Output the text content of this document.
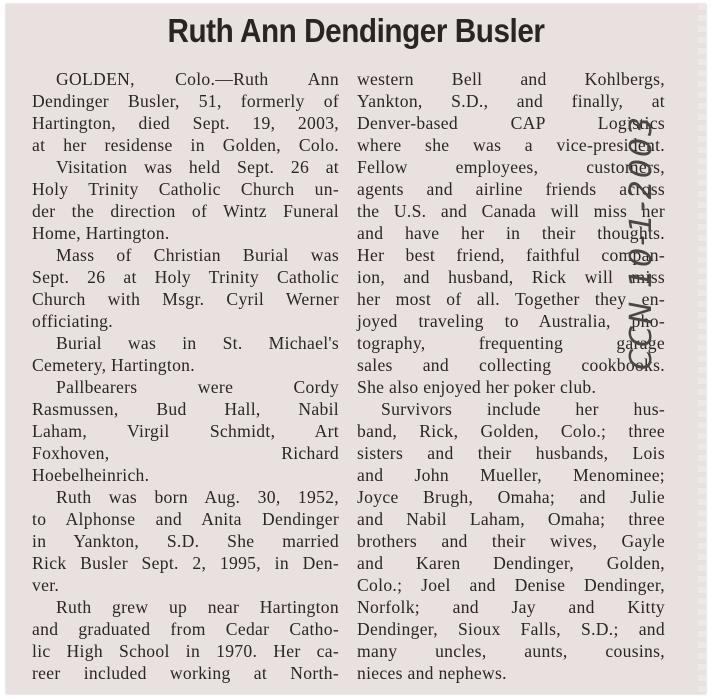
Ruth Ann Dendinger Busler
GOLDEN, Colo.—Ruth Ann
Dendinger Busler, 51, formerly of
Hartington, died Sept. 19, 2003,
at her residense in Golden, Colo.
Visitation was held Sept. 26 at
Holy Trinity Catholic Church un-
der the direction of Wintz Funeral
Home, Hartington.
Mass of Christian Burial was
Sept. 26 at Holy Trinity Catholic
Church with Msgr. Cyril Werner
officiating.
Burial was in St. Michael's
Cemetery, Hartington.
Pallbearers were Cordy
Rasmussen, Bud Hall, Nabil
Laham, Virgil Schmidt, Art
Foxhoven, Richard
Hoebelheinrich.
Ruth was born Aug. 30, 1952,
to Alphonse and Anita Dendinger
in Yankton, S.D. She married
Rick Busler Sept. 2, 1995, in Den-
ver.
Ruth grew up near Hartington
and graduated from Cedar Catho-
lic High School in 1970. Her ca-
reer included working at North-
western Bell and Kohlbergs,
Yankton, S.D., and finally, at
Denver-based CAP Logistics
where she was a vice-president.
Fellow employees, customers,
agents and airline friends across
the U.S. and Canada will miss her
and have her in their thoughts.
Her best friend, faithful compan-
ion, and husband, Rick will miss
her most of all. Together they en-
joyed traveling to Australia, pho-
tography, frequenting garage
sales and collecting cookbooks.
She also enjoyed her poker club.
Survivors include her hus-
band, Rick, Golden, Colo.; three
sisters and their husbands, Lois
and John Mueller, Menominee;
Joyce Brugh, Omaha; and Julie
and Nabil Laham, Omaha; three
brothers and their wives, Gayle
and Karen Dendinger, Golden,
Colo.; Joel and Denise Dendinger,
Norfolk; and Jay and Kitty
Dendinger, Sioux Falls, S.D.; and
many uncles, aunts, cousins,
nieces and nephews.
CCN 10-1-2003
